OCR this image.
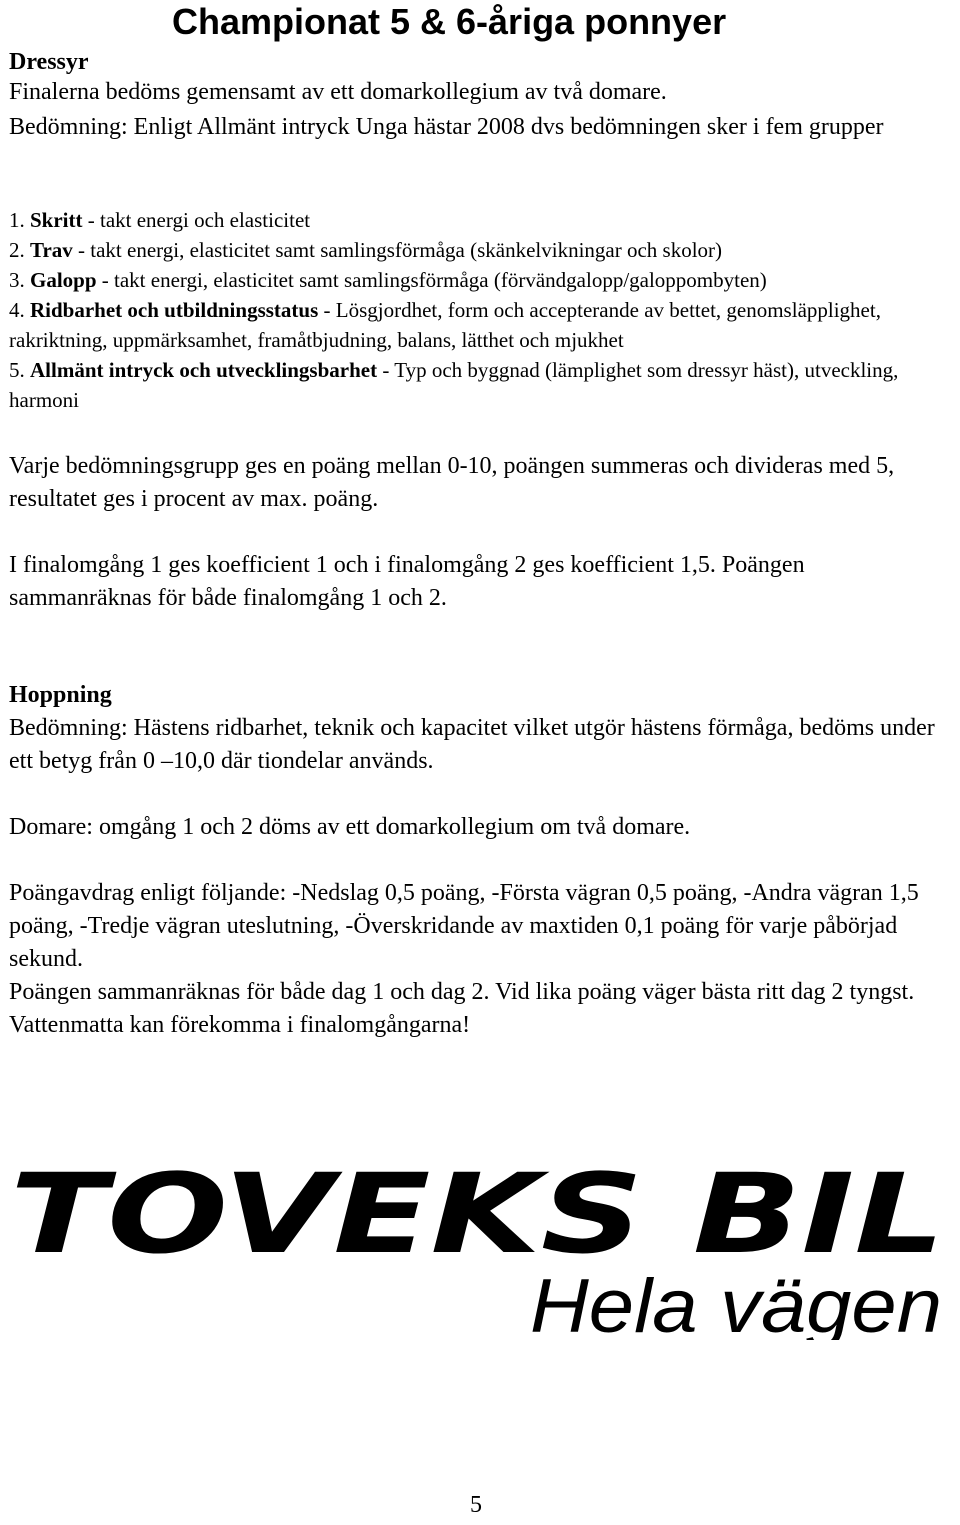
Championat 5 & 6-åriga ponnyer
Dressyr

Finalerna bedöms gemensamt av ett domarkollegium av två domare.

Bedömning: Enligt Allmänt intryck Unga hästar 2008 dvs bedömningen sker i fem grupper

1. Skritt - takt energi och elasticitet
2. Trav - takt energi, elasticitet samt samlingsförmåga (skänkelvikningar och skolor)
3. Galopp - takt energi, elasticitet samt samlingsförmåga (förvändgalopp/galoppombyten)
4. Ridbarhet och utbildningsstatus - Lösgjordhet, form och accepterande av bettet, genomsläpplighet, rakriktning, uppmärksamhet, framåtbjudning, balans, lätthet och mjukhet
5. Allmänt intryck och utvecklingsbarhet - Typ och byggnad (lämplighet som dressyr häst), utveckling, harmoni

Varje bedömningsgrupp ges en poäng mellan 0-10, poängen summeras och divideras med 5, resultatet ges i procent av max. poäng.

I finalomgång 1 ges koefficient 1 och i finalomgång 2 ges koefficient 1,5. Poängen sammanräknas för både finalomgång 1 och 2.

Hoppning

Bedömning: Hästens ridbarhet, teknik och kapacitet vilket utgör hästens förmåga, bedöms under ett betyg från 0 –10,0 där tiondelar används.

Domare: omgång 1 och 2 döms av ett domarkollegium om två domare.

Poängavdrag enligt följande: -Nedslag 0,5 poäng, -Första vägran 0,5 poäng, -Andra vägran 1,5 poäng, -Tredje vägran uteslutning, -Överskridande av maxtiden 0,1 poäng för varje påbörjad sekund.

Poängen sammanräknas för både dag 1 och dag 2. Vid lika poäng väger bästa ritt dag 2 tyngst. Vattenmatta kan förekomma i finalomgångarna!

TOVEKS BIL
Hela vägen
5
